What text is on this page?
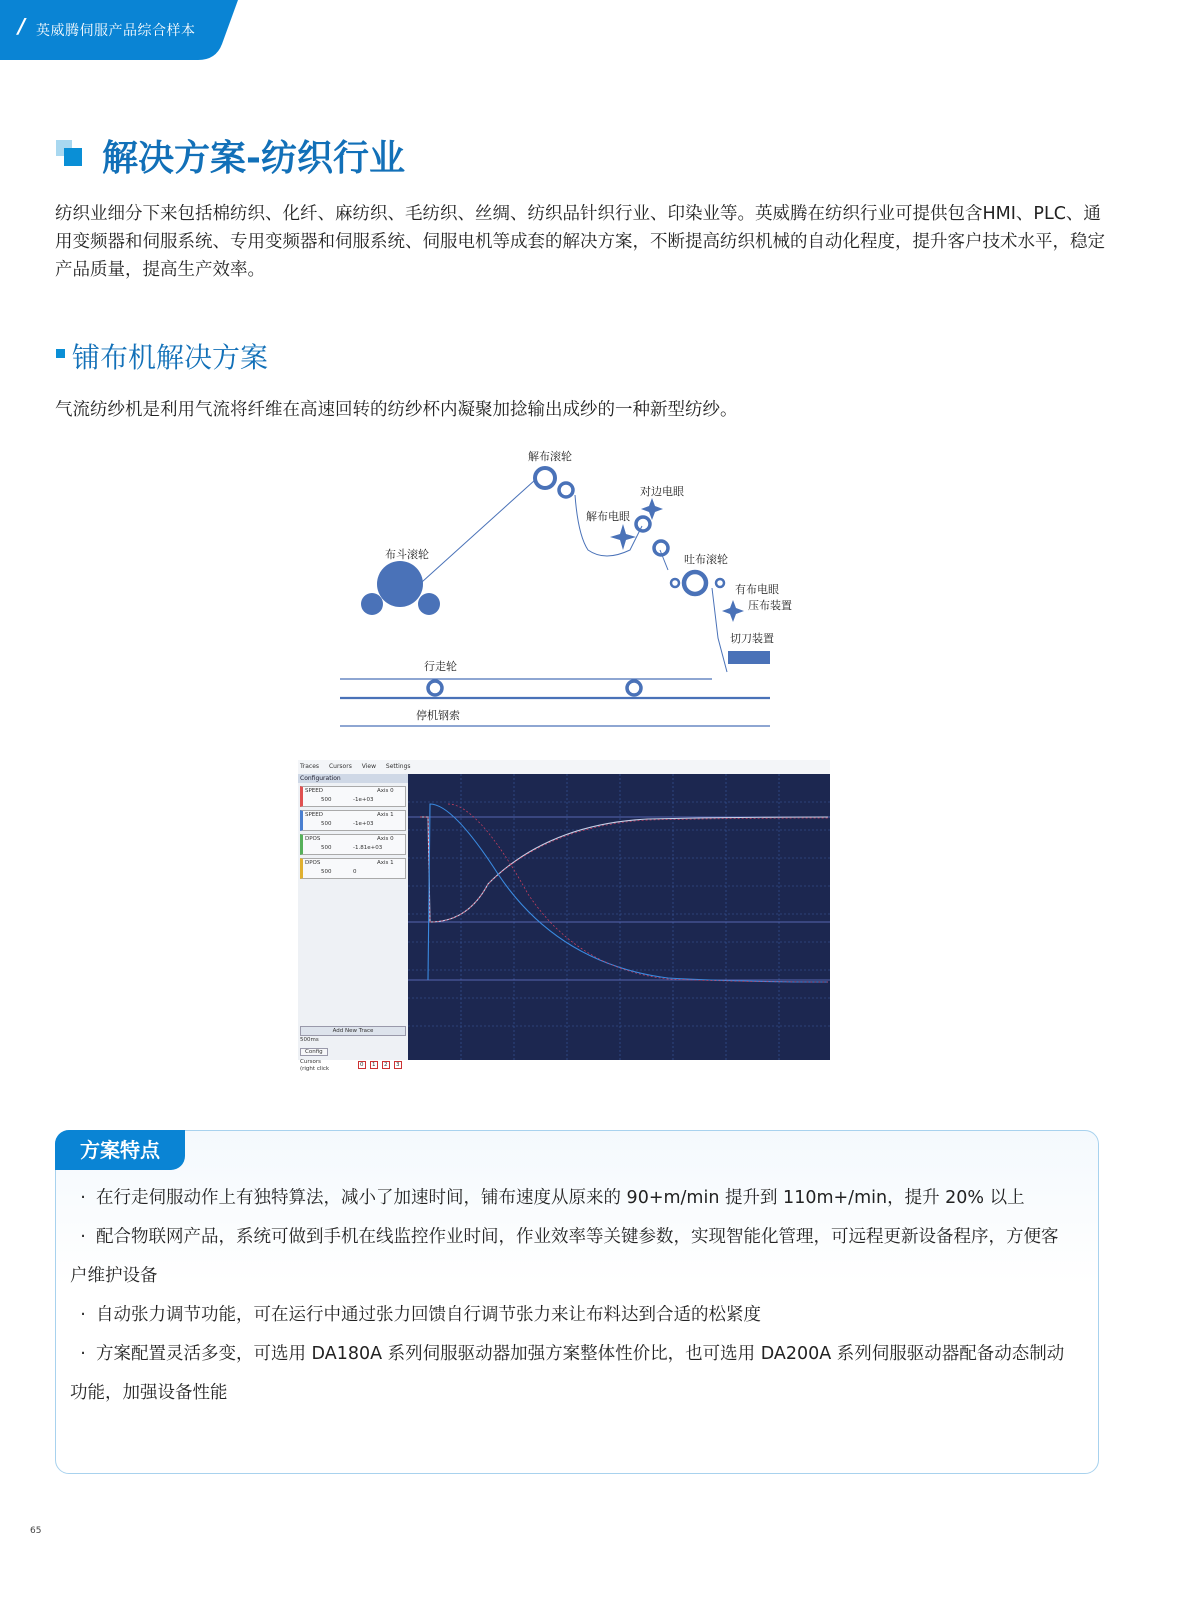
/ 英威腾伺服产品综合样本
解决方案-纺织行业
纺织业细分下来包括棉纺织、化纤、麻纺织、毛纺织、丝绸、纺织品针织行业、印染业等。英威腾在纺织行业可提供包含HMI、PLC、通用变频器和伺服系统、专用变频器和伺服系统、伺服电机等成套的解决方案，不断提高纺织机械的自动化程度，提升客户技术水平，稳定产品质量，提高生产效率。
铺布机解决方案
气流纺纱机是利用气流将纤维在高速回转的纺纱杯内凝聚加捻输出成纱的一种新型纺纱。
解布滚轮
对边电眼
解布电眼
布斗滚轮	吐布滚轮
有布电眼
压布装置
切刀装置
行走轮
停机钢索
Traces Cursors View Settings
Configuration
SPEED	Axis 0
500	-1e+03
SPEED	Axis 1
500	-1e+03
DPOS	Axis 0
500	-1.81e+03
DPOS	Axis 1
500	0
Add New Trace
500ms
Config
Cursors
(right click
0	1	2	3
方案特点

· 在行走伺服动作上有独特算法，减小了加速时间，铺布速度从原来的 90+m/min 提升到 110m+/min，提升 20% 以上

· 配合物联网产品，系统可做到手机在线监控作业时间，作业效率等关键参数，实现智能化管理，可远程更新设备程序，方便客户维护设备

· 自动张力调节功能，可在运行中通过张力回馈自行调节张力来让布料达到合适的松紧度

· 方案配置灵活多变，可选用 DA180A 系列伺服驱动器加强方案整体性价比，也可选用 DA200A 系列伺服驱动器配备动态制动功能，加强设备性能

65
